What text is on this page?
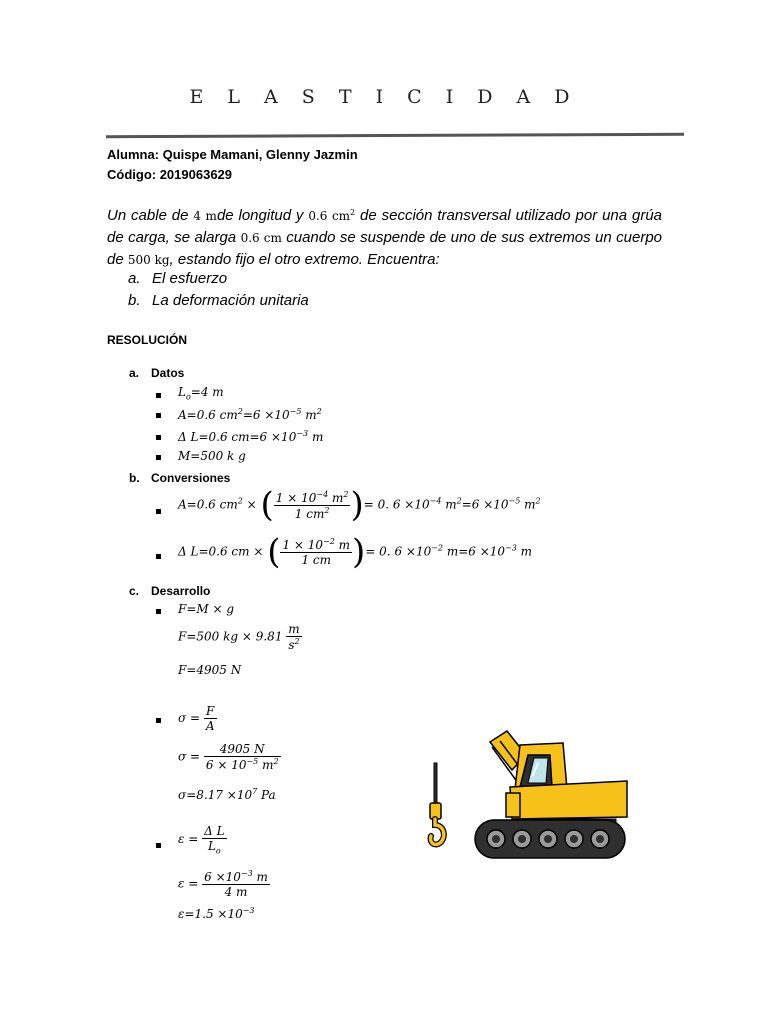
E L A S T I C I D A D
Alumna: Quispe Mamani, Glenny Jazmin
Código: 2019063629
Un cable de 4 mde longitud y 0.6 $cm^2$ de sección transversal utilizado por una grúa de carga, se alarga 0.6 cm cuando se suspende de uno de sus extremos un cuerpo de 500 kg, estando fijo el otro extremo. Encuentra:
a. El esfuerzo
b. La deformación unitaria
RESOLUCIÓN
a. Datos
$L_o=4$ m
A=0.6 $cm^2=6 \times 10^{-5}$ $m^2$
Δ L=0.6 $cm=6 \times 10^{-3}$ m
M=500 k g
b. Conversiones
A=0.6 $cm^2$ × ( $\frac{1 \times 10^{-4} m^2}{1 cm^2}$ )= 0. $6 \times 10^{-4}$ $m^2=6 \times 10^{-5}$ $m^2$
Δ L=0.6 cm × ( $\frac{1 \times 10^{-2} m}{1 cm}$ )= 0. $6 \times 10^{-2}$ $m=6 \times 10^{-3}$ m
c. Desarrollo
F=M × g
F=500 kg × $9.81 \frac{m}{s^2}$
F=4905 N
$\sigma = \frac{F}{A}$
$\sigma = \frac{4905 N}{6 \times 10^{-5} m^2}$
$\sigma=8.17 \times 10^7$ Pa
$\varepsilon = \frac{\text{Δ L}}{L_o}$
$\varepsilon = \frac{6 \times 10^{-3} m}{4 m}$
$\varepsilon=1.5 \times 10^{-3}$
